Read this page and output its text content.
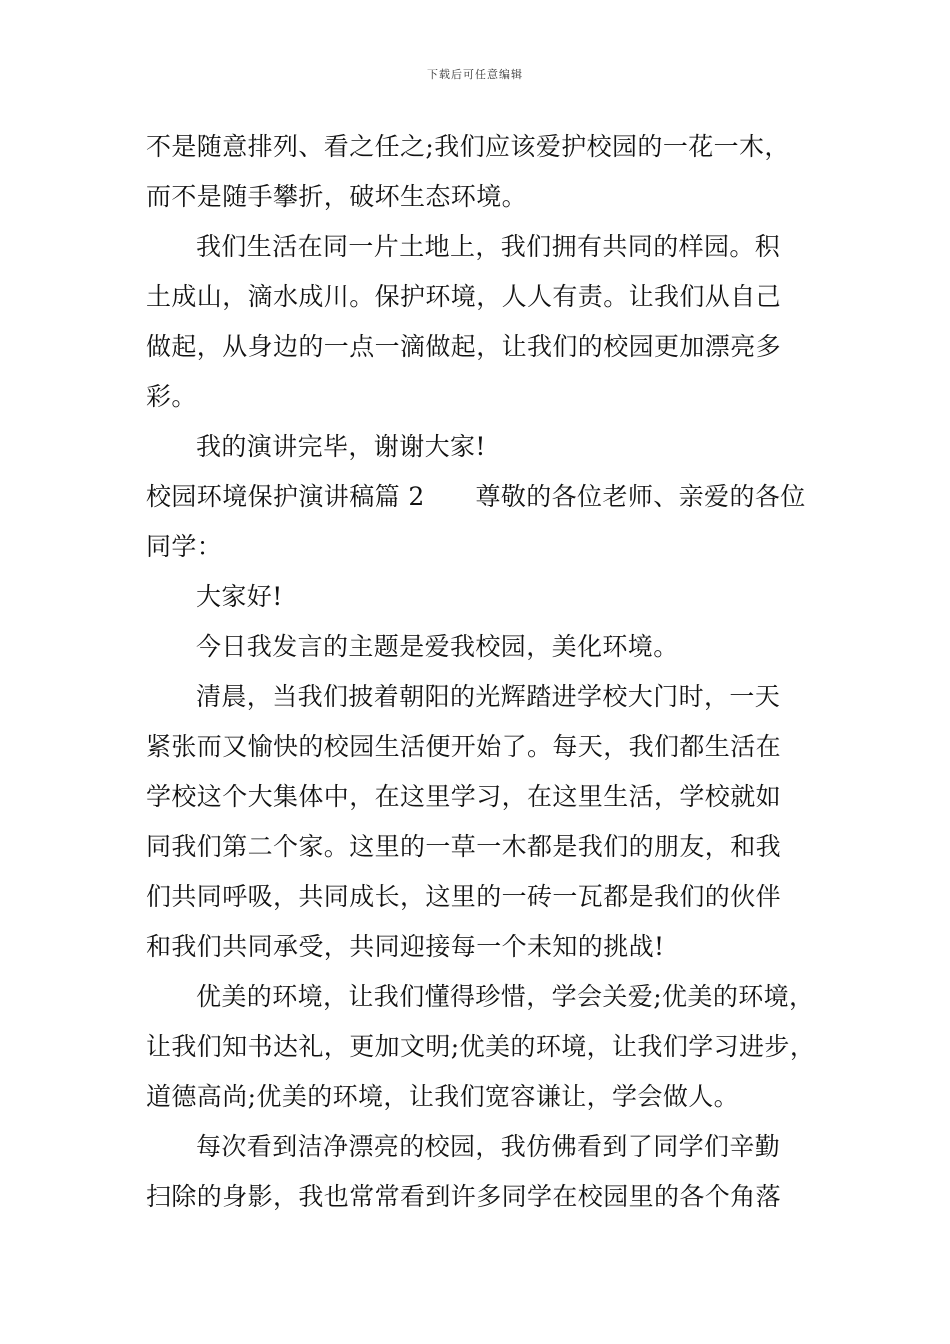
下载后可任意编辑
不是随意排列、看之任之;我们应该爱护校园的一花一木，
而不是随手攀折，破坏生态环境。
我们生活在同一片土地上，我们拥有共同的样园。积
土成山，滴水成川。保护环境，人人有责。让我们从自己
做起，从身边的一点一滴做起，让我们的校园更加漂亮多
彩。
我的演讲完毕，谢谢大家!
校园环境保护演讲稿篇 2　　尊敬的各位老师、亲爱的各位
同学：
大家好!
今日我发言的主题是爱我校园，美化环境。
清晨，当我们披着朝阳的光辉踏进学校大门时，一天
紧张而又愉快的校园生活便开始了。每天，我们都生活在
学校这个大集体中，在这里学习，在这里生活，学校就如
同我们第二个家。这里的一草一木都是我们的朋友，和我
们共同呼吸，共同成长，这里的一砖一瓦都是我们的伙伴
和我们共同承受，共同迎接每一个未知的挑战!
优美的环境，让我们懂得珍惜，学会关爱;优美的环境，
让我们知书达礼，更加文明;优美的环境，让我们学习进步，
道德高尚;优美的环境，让我们宽容谦让，学会做人。
每次看到洁净漂亮的校园，我仿佛看到了同学们辛勤
扫除的身影，我也常常看到许多同学在校园里的各个角落
